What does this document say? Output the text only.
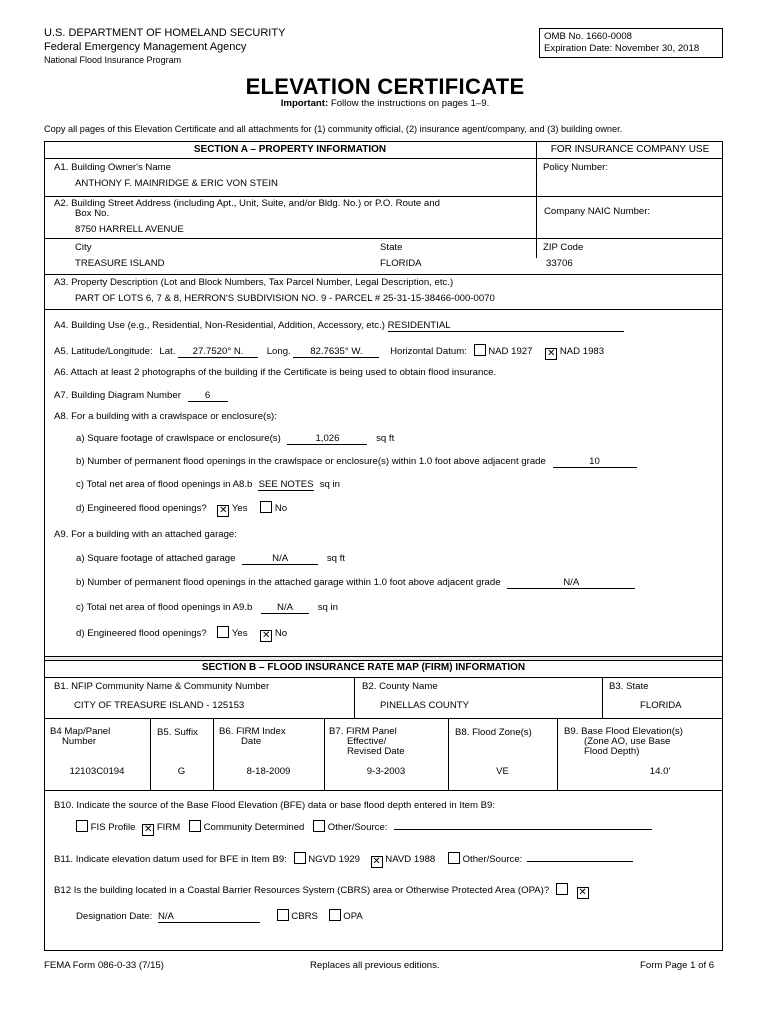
U.S. DEPARTMENT OF HOMELAND SECURITY
Federal Emergency Management Agency
National Flood Insurance Program
OMB No. 1660-0008
Expiration Date: November 30, 2018
ELEVATION CERTIFICATE
Important: Follow the instructions on pages 1–9.
Copy all pages of this Elevation Certificate and all attachments for (1) community official, (2) insurance agent/company, and (3) building owner.
SECTION A – PROPERTY INFORMATION	FOR INSURANCE COMPANY USE
A1. Building Owner's Name
ANTHONY F. MAINRIDGE & ERIC VON STEIN
Policy Number:
A2. Building Street Address (including Apt., Unit, Suite, and/or Bldg. No.) or P.O. Route and
Box No.
8750 HARRELL AVENUE
Company NAIC Number:
City
TREASURE ISLAND
State
FLORIDA
ZIP Code
33706
A3. Property Description (Lot and Block Numbers, Tax Parcel Number, Legal Description, etc.)
PART OF LOTS 6, 7 & 8, HERRON'S SUBDIVISION NO. 9 - PARCEL # 25-31-15-38466-000-0070
A4. Building Use (e.g., Residential, Non-Residential, Addition, Accessory, etc.) RESIDENTIAL
A5. Latitude/Longitude: Lat. 27.7520° N. Long. 82.7635° W.	Horizontal Datum: NAD 1927 ✕ NAD 1983
A6. Attach at least 2 photographs of the building if the Certificate is being used to obtain flood insurance.
A7. Building Diagram Number	6
A8. For a building with a crawlspace or enclosure(s):
a) Square footage of crawlspace or enclosure(s)	1,026	sq ft
b) Number of permanent flood openings in the crawlspace or enclosure(s) within 1.0 foot above adjacent grade	10
c) Total net area of flood openings in A8.b SEE NOTES sq in
d) Engineered flood openings? ✕ Yes	No
A9. For a building with an attached garage:
a) Square footage of attached garage	N/A	sq ft
b) Number of permanent flood openings in the attached garage within 1.0 foot above adjacent grade	N/A
c) Total net area of flood openings in A9.b	N/A	sq in
d) Engineered flood openings?	Yes ✕ No
SECTION B – FLOOD INSURANCE RATE MAP (FIRM) INFORMATION
B1. NFIP Community Name & Community Number
CITY OF TREASURE ISLAND - 125153
B2. County Name
PINELLAS COUNTY
B3. State
FLORIDA
B4 Map/Panel
Number
12103C0194
B5. Suffix
G
B6. FIRM Index
Date
8-18-2009
B7. FIRM Panel
Effective/
Revised Date
9-3-2003
B8. Flood Zone(s)
VE
B9. Base Flood Elevation(s)
(Zone AO, use Base
Flood Depth)
14.0'
B10. Indicate the source of the Base Flood Elevation (BFE) data or base flood depth entered in Item B9:
FIS Profile ✕ FIRM Community Determined Other/Source:
B11. Indicate elevation datum used for BFE in Item B9: NGVD 1929 ✕ NAVD 1988	Other/Source:
B12 Is the building located in a Coastal Barrier Resources System (CBRS) area or Otherwise Protected Area (OPA)?	✕
Designation Date: N/A	CBRS	OPA
FEMA Form 086-0-33 (7/15)	Replaces all previous editions.	Form Page 1 of 6
